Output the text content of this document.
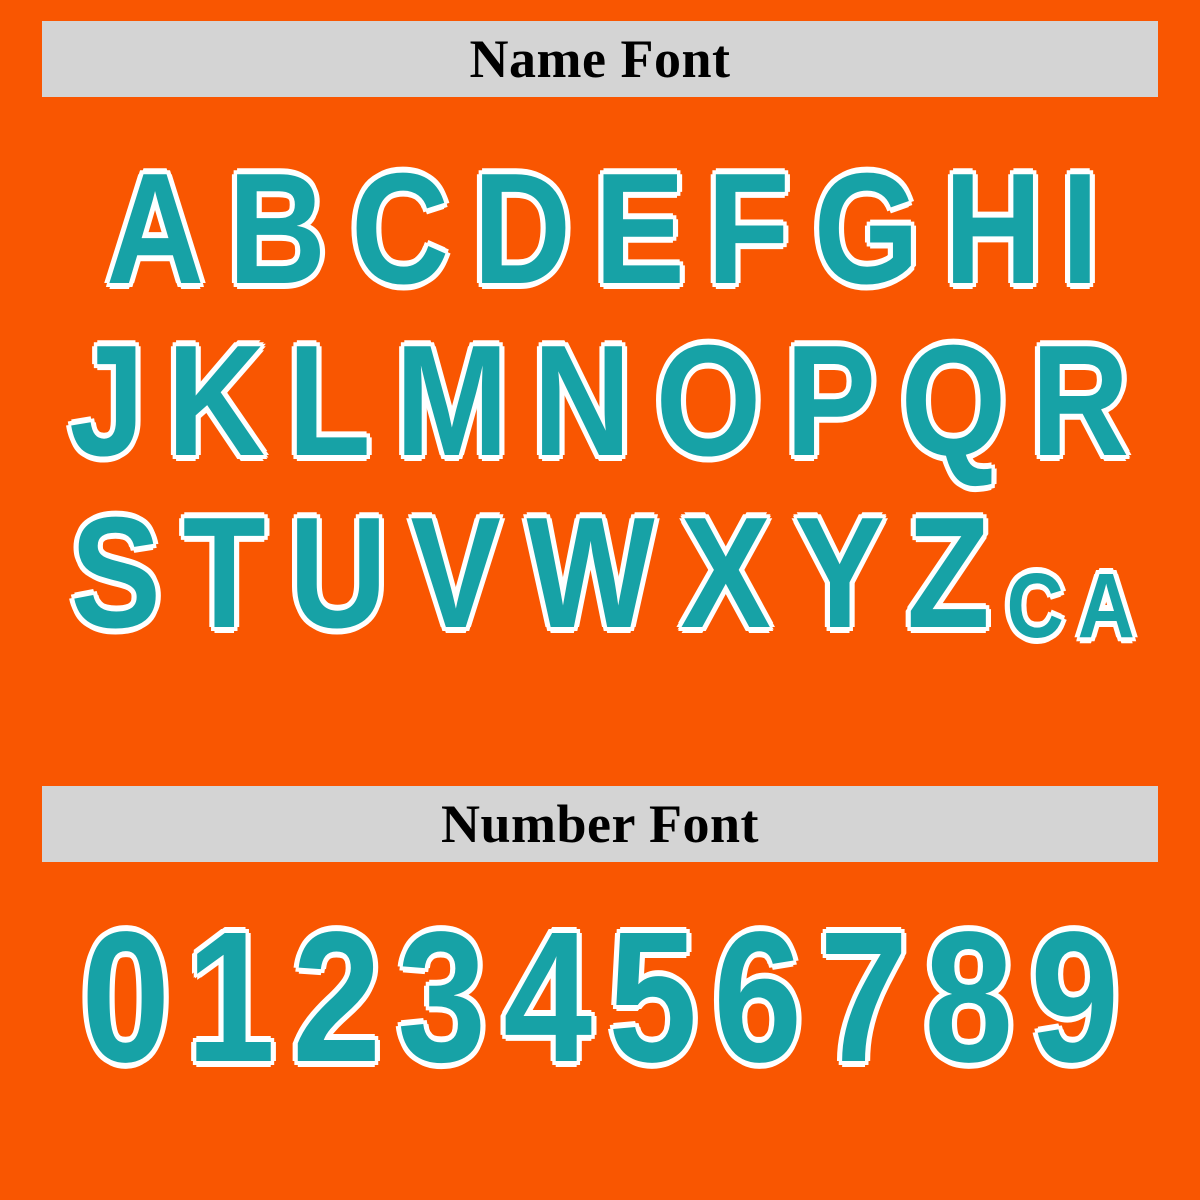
Name Font
A B C D E F G H I
J K L M N O P Q R
S T U V W X Y Z C A
Number Font
0 1 2 3 4 5 6 7 8 9
